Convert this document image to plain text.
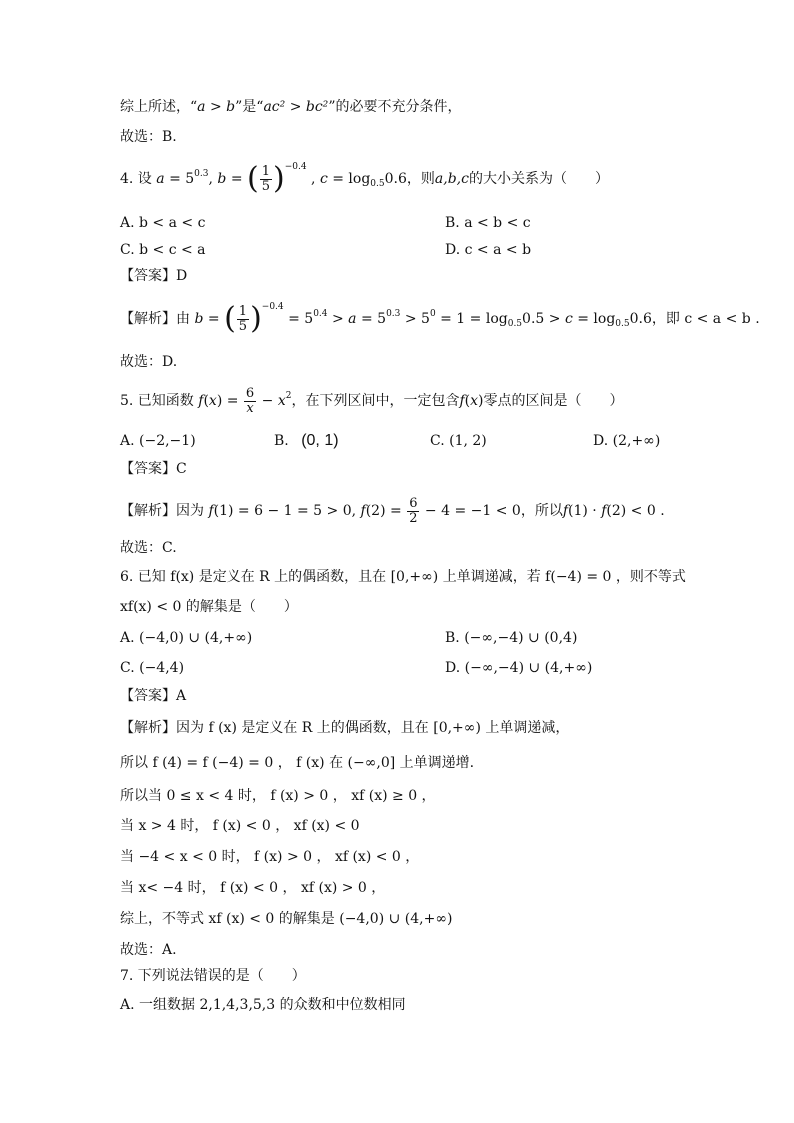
综上所述，“a > b”是“ac² > bc²”的必要不充分条件，
故选：B.
4. 设 $a = 5^{0.3}$, b = ( $\frac{1}{5} )^{-0.4}$ , $c = \log_{0.5}0.6$，则a,b,c的大小关系为（　　）
A. b < a < c	B. a < b < c
C. b < c < a	D. c < a < b
【答案】D
【解析】由 b = ( $\frac{1}{5} )^{-0.4} = 5^{0.4} > a = 5^{0.3} > 5^0 = 1 = \log_{0.5}0.5 > c = \log_{0.5}0.6$，即 c < a < b .
故选：D.
5. 已知函数 $f(x) = \frac{6}{x} - x^2$，在下列区间中，一定包含f(x)零点的区间是（　　）
A. (−2,−1)	B. (0, 1)	C. (1, 2)	D. (2,+∞)
【答案】C
【解析】因为 f(1) = 6 − 1 = 5 > 0, $f(2) = \frac{6}{2} - 4 = -1 < 0$，所以f(1) · f(2) < 0 .
故选：C.
6. 已知 f(x) 是定义在 R 上的偶函数，且在 [0,+∞) 上单调递减，若 f(−4) = 0 ，则不等式
xf(x) < 0 的解集是（　　）
A. (−4,0) ∪ (4,+∞)	B. (−∞,−4) ∪ (0,4)
C. (−4,4)	D. (−∞,−4) ∪ (4,+∞)
【答案】A
【解析】因为 f (x) 是定义在 R 上的偶函数，且在 [0,+∞) 上单调递减，
所以 f (4) = f (−4) = 0 ， f (x) 在 (−∞,0] 上单调递增.
所以当 0 ≤ x < 4 时， f (x) > 0 ， xf (x) ≥ 0 ，
当 x > 4 时， f (x) < 0 ， xf (x) < 0
当 −4 < x < 0 时， f (x) > 0 ， xf (x) < 0 ，
当 x< −4 时， f (x) < 0 ， xf (x) > 0 ，
综上，不等式 xf (x) < 0 的解集是 (−4,0) ∪ (4,+∞)
故选：A.
7. 下列说法错误的是（　　）
A. 一组数据 2,1,4,3,5,3 的众数和中位数相同
